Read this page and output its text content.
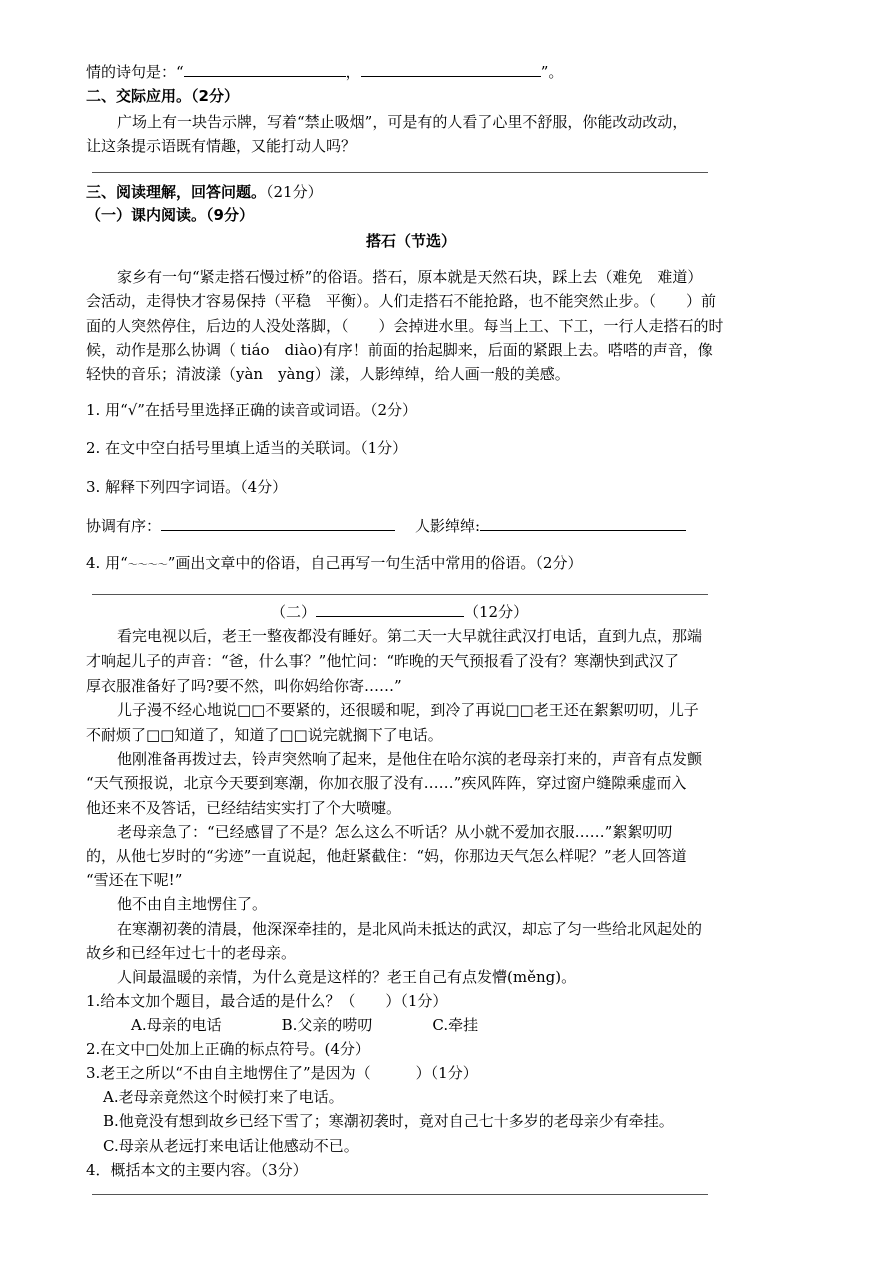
情的诗句是：“	，	”。
二、交际应用。（2分）
广场上有一块告示牌，写着“禁止吸烟”，可是有的人看了心里不舒服，你能改动改动，
让这条提示语既有情趣，又能打动人吗？
三、阅读理解，回答问题。（21分）
（一）课内阅读。（9分）
搭石（节选）
家乡有一句“紧走搭石慢过桥”的俗语。搭石，原本就是天然石块，踩上去（难免　难道）
会活动，走得快才容易保持（平稳　平衡）。人们走搭石不能抢路，也不能突然止步。（　　）前
面的人突然停住，后边的人没处落脚，（　　）会掉进水里。每当上工、下工，一行人走搭石的时
候，动作是那么协调（ tiáo　diào)有序！前面的抬起脚来，后面的紧跟上去。嗒嗒的声音，像
轻快的音乐；清波漾（yàn　yàng）漾，人影绰绰，给人画一般的美感。
1. 用“√”在括号里选择正确的读音或词语。（2分）
2. 在文中空白括号里填上适当的关联词。（1分）
3. 解释下列四字词语。（4分）
协调有序：	人影绰绰:
4. 用“～～～～”画出文章中的俗语，自己再写一句生活中常用的俗语。（2分）
（二）	（12分）
看完电视以后，老王一整夜都没有睡好。第二天一大早就往武汉打电话，直到九点，那端
才响起儿子的声音：“爸，什么事？”他忙问：“昨晚的天气预报看了没有？寒潮快到武汉了
厚衣服准备好了吗?要不然，叫你妈给你寄……”
儿子漫不经心地说□□不要紧的，还很暖和呢，到冷了再说□□老王还在絮絮叨叨，儿子
不耐烦了□□知道了，知道了□□说完就搁下了电话。
他刚准备再拨过去，铃声突然响了起来，是他住在哈尔滨的老母亲打来的，声音有点发颤
“天气预报说，北京今天要到寒潮，你加衣服了没有……”疾风阵阵，穿过窗户缝隙乘虚而入
他还来不及答话，已经结结实实打了个大喷嚏。
老母亲急了：“已经感冒了不是？怎么这么不听话？从小就不爱加衣服……”絮絮叨叨
的，从他七岁时的“劣迹”一直说起，他赶紧截住：“妈，你那边天气怎么样呢？”老人回答道
“雪还在下呢!”
他不由自主地愣住了。
在寒潮初袭的清晨，他深深牵挂的，是北风尚未抵达的武汉，却忘了匀一些给北风起处的
故乡和已经年过七十的老母亲。
人间最温暖的亲情，为什么竟是这样的？老王自己有点发懵(měng)。
1.给本文加个题目，最合适的是什么？（　　）（1分）
A.母亲的电话　　　　B.父亲的唠叨　　　　C.牵挂
2.在文中□处加上正确的标点符号。(4分）
3.老王之所以“不由自主地愣住了”是因为（　　　）（1分）
A.老母亲竟然这个时候打来了电话。
B.他竟没有想到故乡已经下雪了；寒潮初袭时，竟对自己七十多岁的老母亲少有牵挂。
C.母亲从老远打来电话让他感动不已。
4．概括本文的主要内容。（3分）
